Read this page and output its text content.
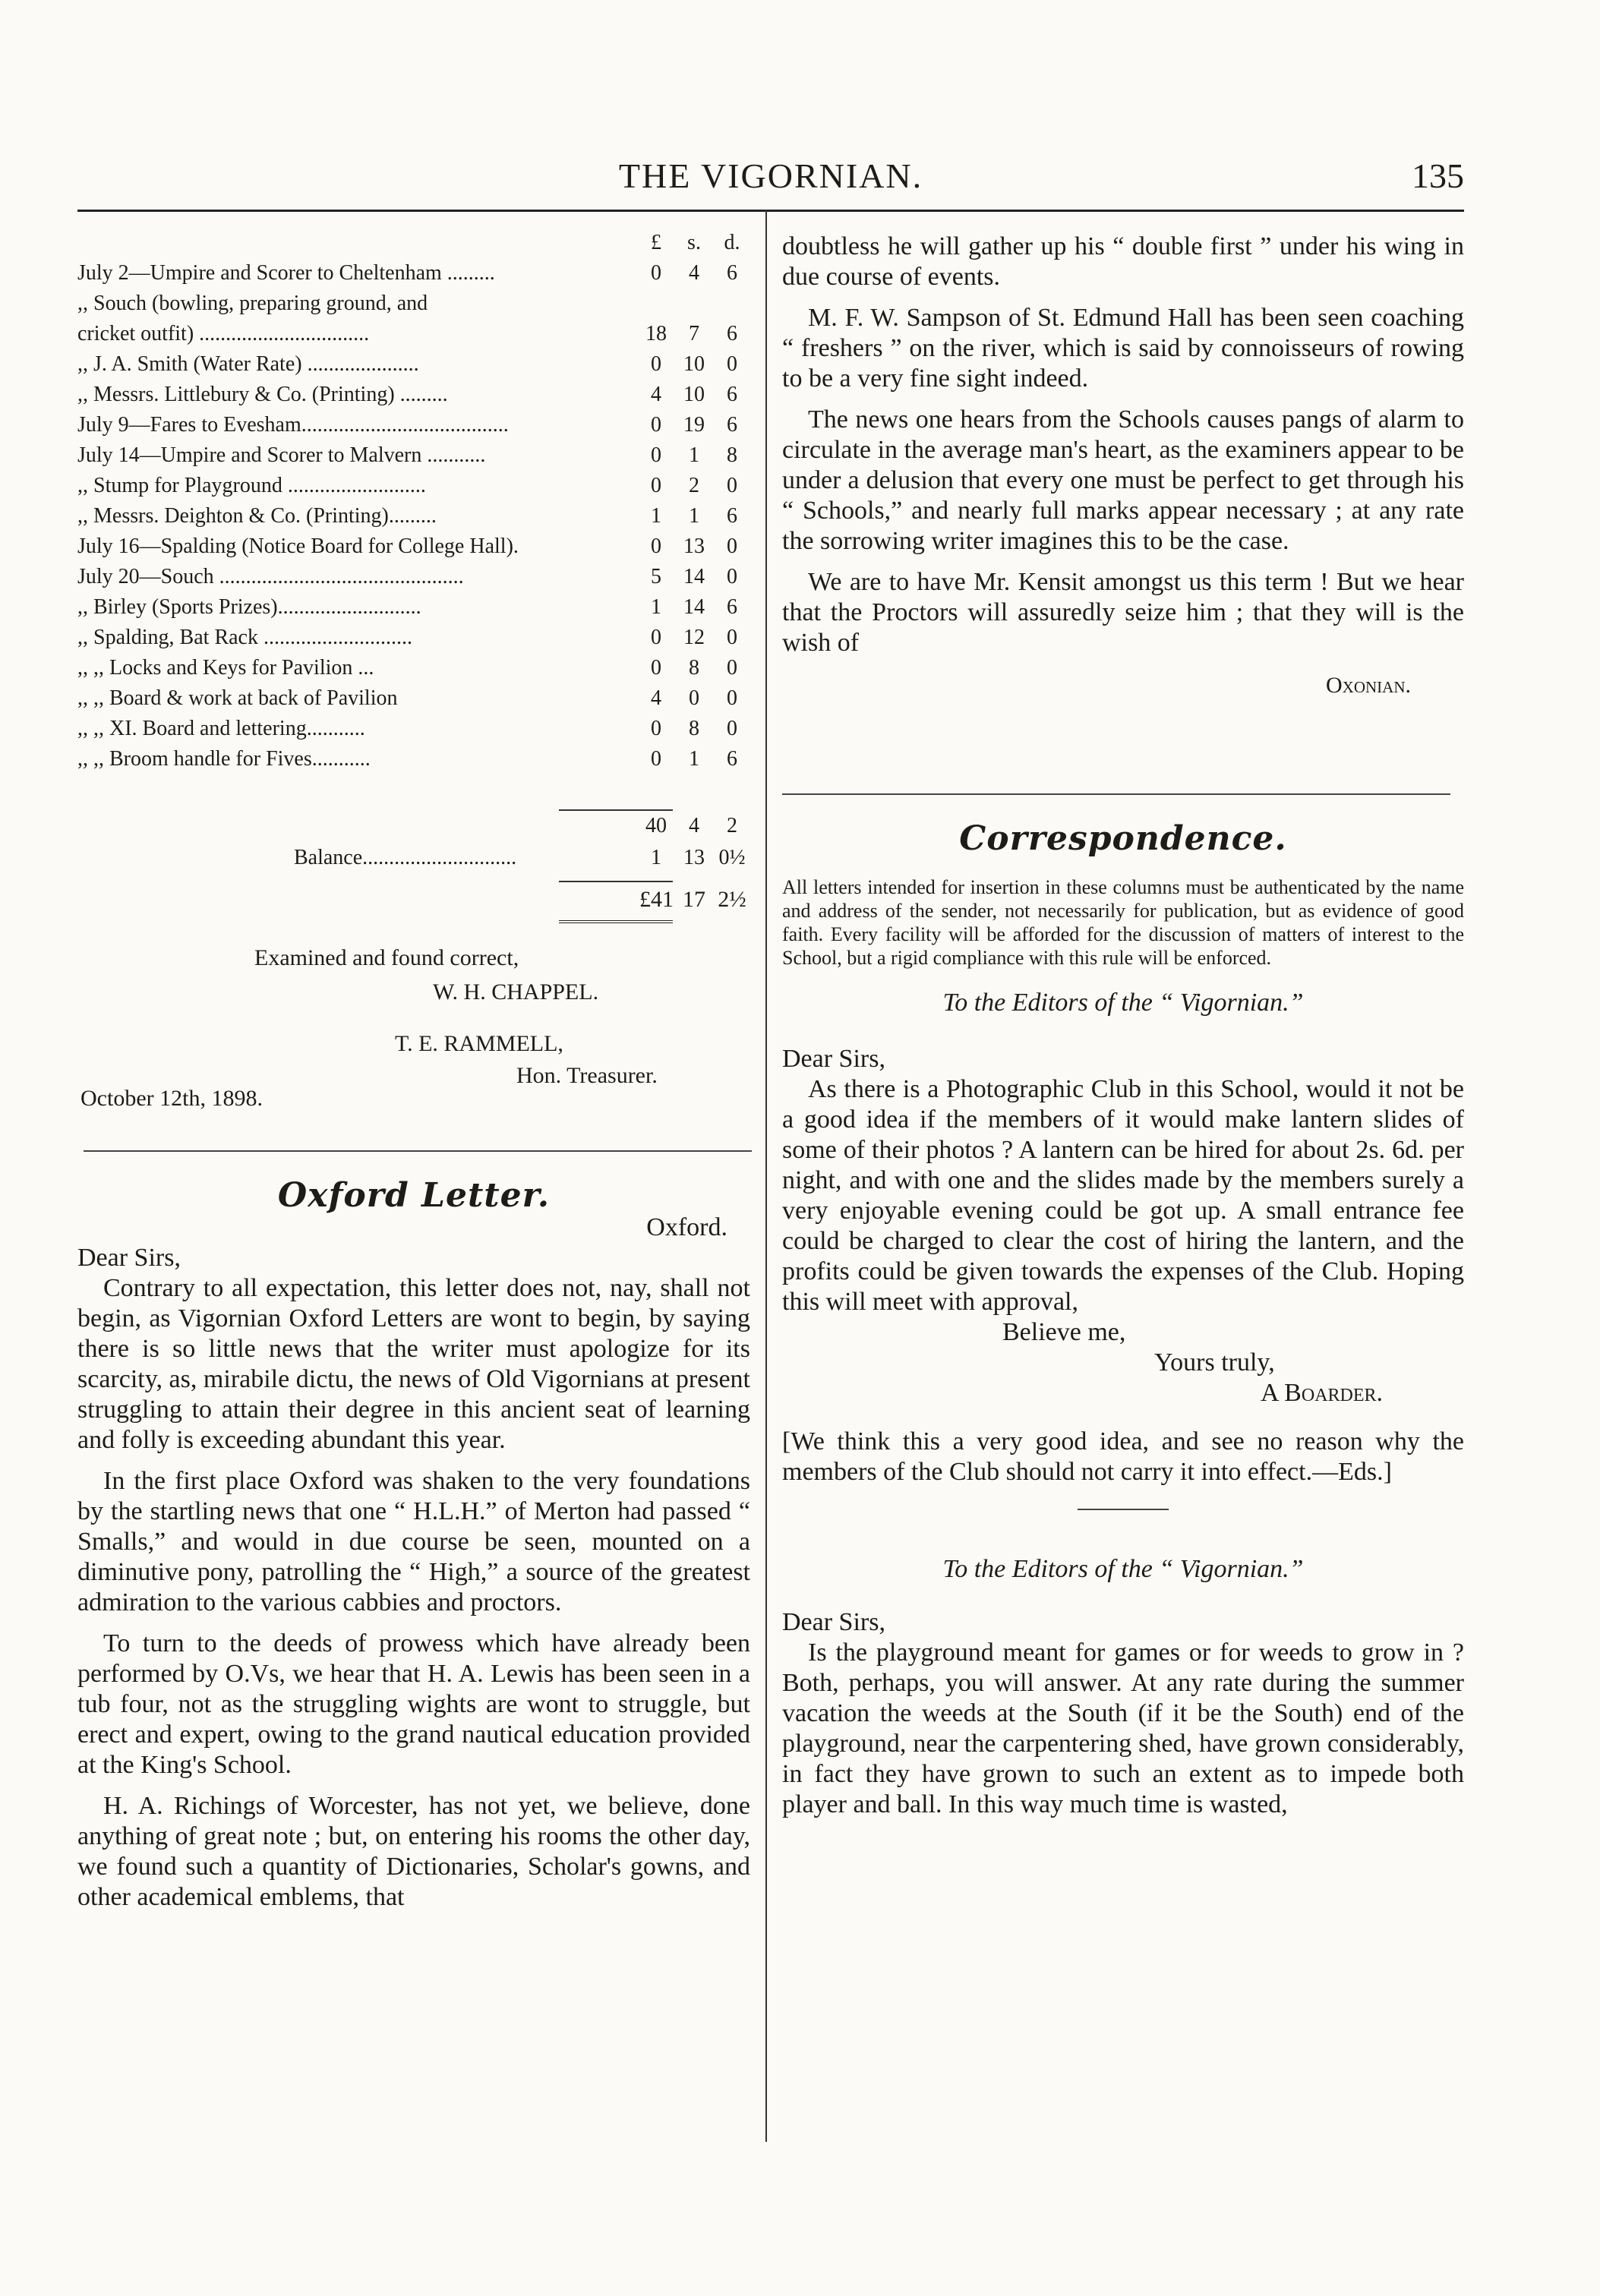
THE VIGORNIAN.	135
£	s.	d.
July 2—Umpire and Scorer to Cheltenham .........	0	4	6
,, Souch (bowling, preparing ground, and
cricket outfit) ................................	18	7	6
,, J. A. Smith (Water Rate) .....................	0	10	0
,, Messrs. Littlebury & Co. (Printing) .........	4	10	6
July 9—Fares to Evesham.......................................	0	19	6
July 14—Umpire and Scorer to Malvern ...........	0	1	8
,, Stump for Playground ..........................	0	2	0
,, Messrs. Deighton & Co. (Printing).........	1	1	6
July 16—Spalding (Notice Board for College Hall).	0	13	0
July 20—Souch ..............................................	5	14	0
,, Birley (Sports Prizes)...........................	1	14	6
,, Spalding, Bat Rack ............................	0	12	0
,, ,, Locks and Keys for Pavilion ...	0	8	0
,, ,, Board & work at back of Pavilion	4	0	0
,, ,, XI. Board and lettering...........	0	8	0
,, ,, Broom handle for Fives...........	0	1	6
40	4	2
Balance.............................	1	13 0½
£41 17 2½
Examined and found correct,
W. H. CHAPPEL.
T. E. RAMMELL,
Hon. Treasurer.
October 12th, 1898.
Oxford Letter.
Oxford.
Dear Sirs,

Contrary to all expectation, this letter does not, nay, shall not begin, as Vigornian Oxford Letters are wont to begin, by saying there is so little news that the writer must apologize for its scarcity, as, mirabile dictu, the news of Old Vigornians at present struggling to attain their degree in this ancient seat of learning and folly is exceeding abundant this year.

In the first place Oxford was shaken to the very foundations by the startling news that one “ H.L.H.” of Merton had passed “ Smalls,” and would in due course be seen, mounted on a diminutive pony, patrolling the “ High,” a source of the greatest admiration to the various cabbies and proctors.

To turn to the deeds of prowess which have already been performed by O.Vs, we hear that H. A. Lewis has been seen in a tub four, not as the struggling wights are wont to struggle, but erect and expert, owing to the grand nautical education provided at the King's School.

H. A. Richings of Worcester, has not yet, we believe, done anything of great note ; but, on entering his rooms the other day, we found such a quantity of Dictionaries, Scholar's gowns, and other academical emblems, that

doubtless he will gather up his “ double first ” under his wing in due course of events.

M. F. W. Sampson of St. Edmund Hall has been seen coaching “ freshers ” on the river, which is said by connoisseurs of rowing to be a very fine sight indeed.

The news one hears from the Schools causes pangs of alarm to circulate in the average man's heart, as the examiners appear to be under a delusion that every one must be perfect to get through his “ Schools,” and nearly full marks appear necessary ; at any rate the sorrowing writer imagines this to be the case.

We are to have Mr. Kensit amongst us this term ! But we hear that the Proctors will assuredly seize him ; that they will is the wish of

Oxonian.
Correspondence.

All letters intended for insertion in these columns must be authenticated by the name and address of the sender, not necessarily for publication, but as evidence of good faith. Every facility will be afforded for the discussion of matters of interest to the School, but a rigid compliance with this rule will be enforced.

To the Editors of the “ Vigornian.”
Dear Sirs,

As there is a Photographic Club in this School, would it not be a good idea if the members of it would make lantern slides of some of their photos ? A lantern can be hired for about 2s. 6d. per night, and with one and the slides made by the members surely a very enjoyable evening could be got up. A small entrance fee could be charged to clear the cost of hiring the lantern, and the profits could be given towards the expenses of the Club. Hoping this will meet with approval,

Believe me,
Yours truly,
A Boarder.

[We think this a very good idea, and see no reason why the members of the Club should not carry it into effect.—Eds.]

To the Editors of the “ Vigornian.”
Dear Sirs,

Is the playground meant for games or for weeds to grow in ? Both, perhaps, you will answer. At any rate during the summer vacation the weeds at the South (if it be the South) end of the playground, near the carpentering shed, have grown considerably, in fact they have grown to such an extent as to impede both player and ball. In this way much time is wasted,
